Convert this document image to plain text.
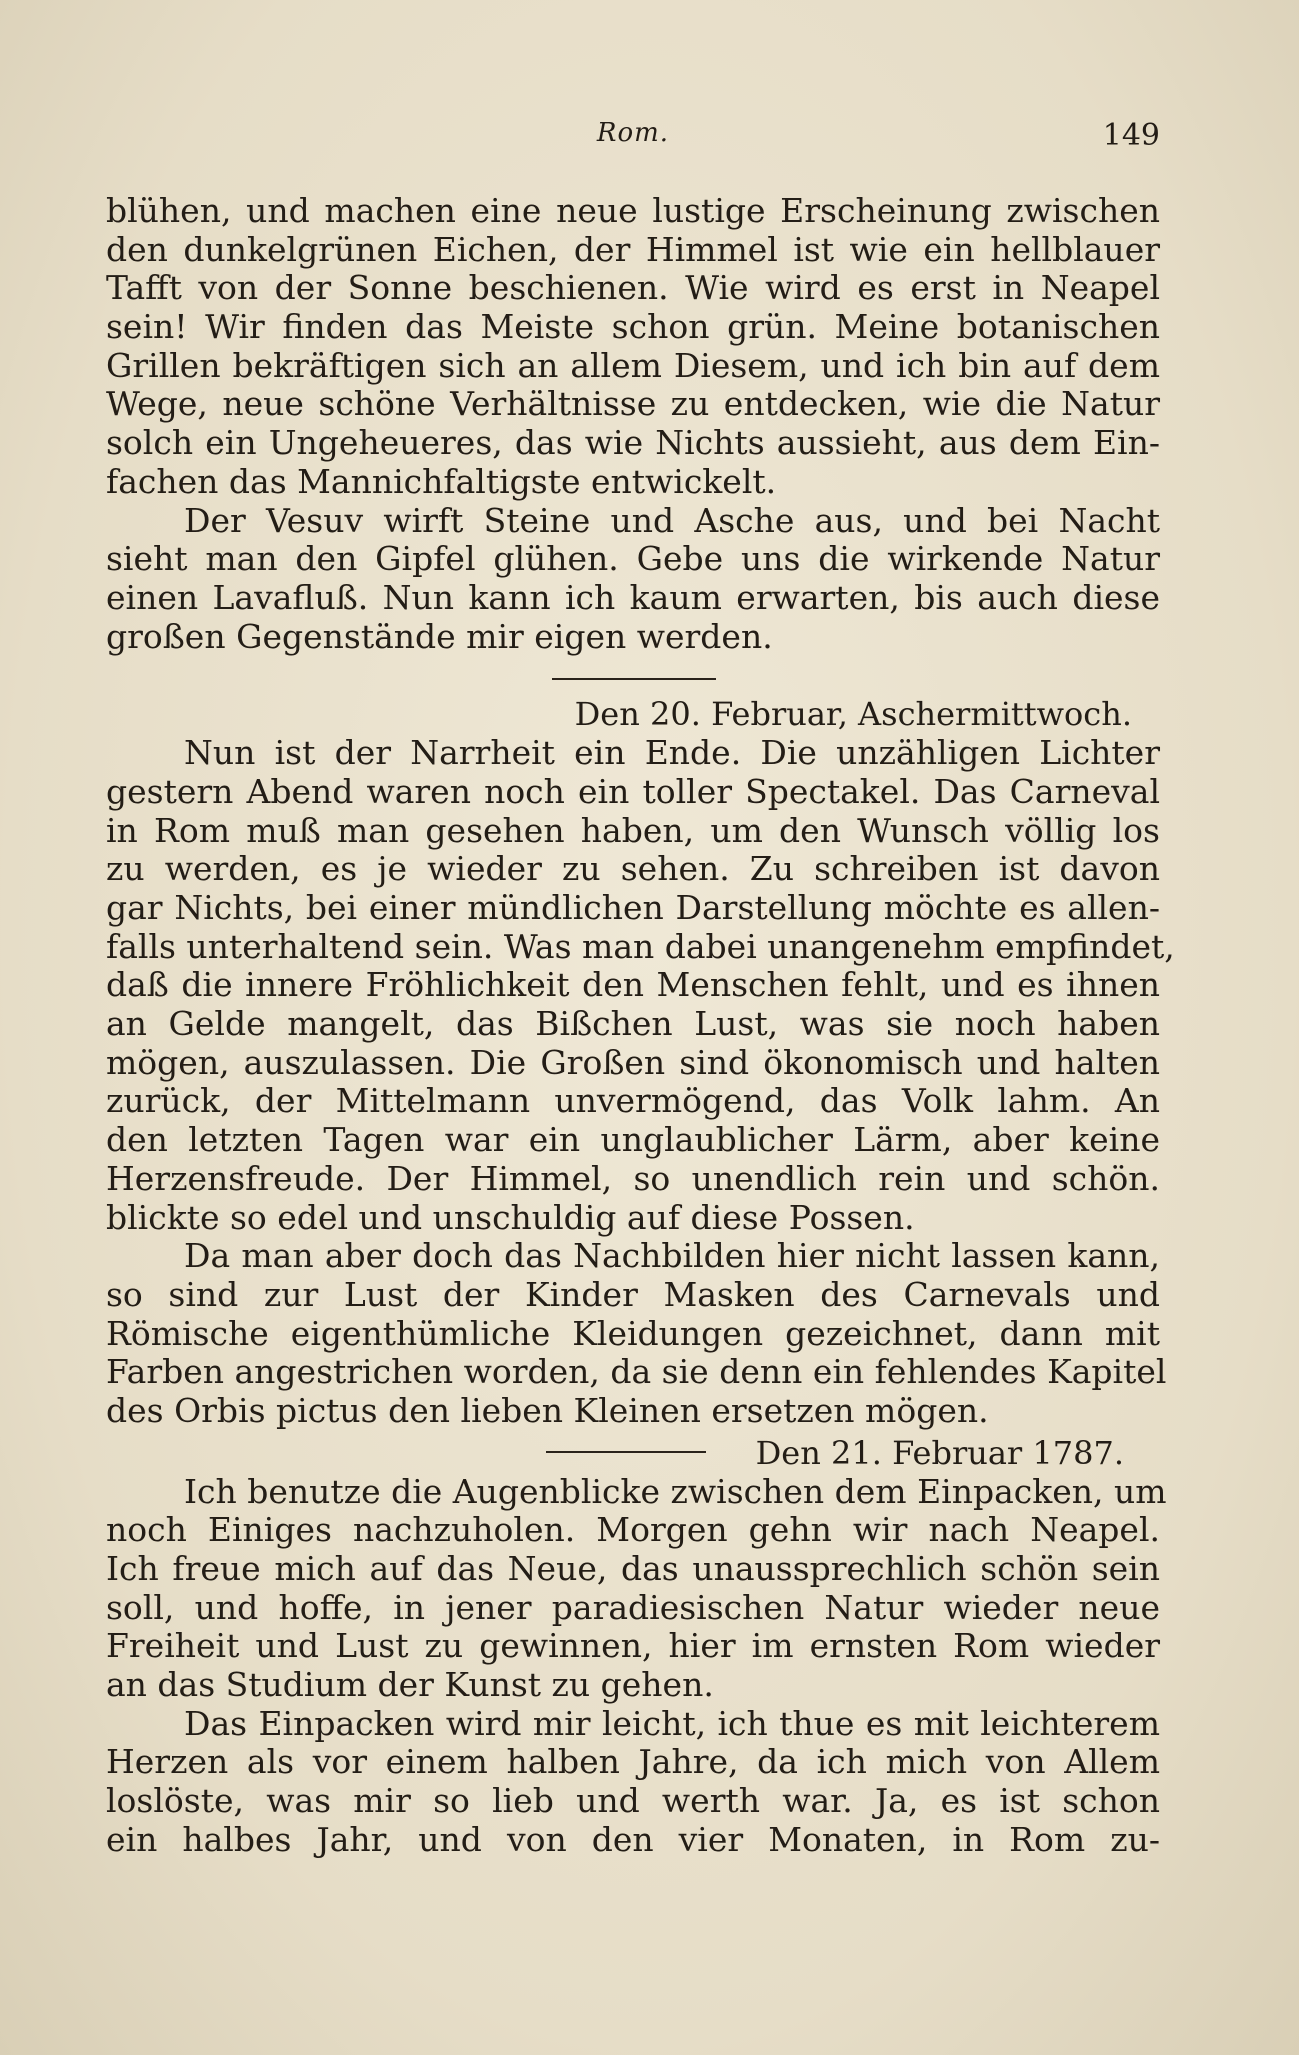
Rom.	149
blühen, und machen eine neue lustige Erscheinung zwischen
den dunkelgrünen Eichen, der Himmel ist wie ein hellblauer
Tafft von der Sonne beschienen. Wie wird es erst in Neapel
sein! Wir finden das Meiste schon grün. Meine botanischen
Grillen bekräftigen sich an allem Diesem, und ich bin auf dem
Wege, neue schöne Verhältnisse zu entdecken, wie die Natur
solch ein Ungeheueres, das wie Nichts aussieht, aus dem Ein-
fachen das Mannichfaltigste entwickelt.
Der Vesuv wirft Steine und Asche aus, und bei Nacht
sieht man den Gipfel glühen. Gebe uns die wirkende Natur
einen Lavafluß. Nun kann ich kaum erwarten, bis auch diese
großen Gegenstände mir eigen werden.
Den 20. Februar, Aschermittwoch.
Nun ist der Narrheit ein Ende. Die unzähligen Lichter
gestern Abend waren noch ein toller Spectakel. Das Carneval
in Rom muß man gesehen haben, um den Wunsch völlig los
zu werden, es je wieder zu sehen. Zu schreiben ist davon
gar Nichts, bei einer mündlichen Darstellung möchte es allen-
falls unterhaltend sein. Was man dabei unangenehm empfindet,
daß die innere Fröhlichkeit den Menschen fehlt, und es ihnen
an Gelde mangelt, das Bißchen Lust, was sie noch haben
mögen, auszulassen. Die Großen sind ökonomisch und halten
zurück, der Mittelmann unvermögend, das Volk lahm. An
den letzten Tagen war ein unglaublicher Lärm, aber keine
Herzensfreude. Der Himmel, so unendlich rein und schön.
blickte so edel und unschuldig auf diese Possen.
Da man aber doch das Nachbilden hier nicht lassen kann,
so sind zur Lust der Kinder Masken des Carnevals und
Römische eigenthümliche Kleidungen gezeichnet, dann mit
Farben angestrichen worden, da sie denn ein fehlendes Kapitel
des Orbis pictus den lieben Kleinen ersetzen mögen.
Den 21. Februar 1787.
Ich benutze die Augenblicke zwischen dem Einpacken, um
noch Einiges nachzuholen. Morgen gehn wir nach Neapel.
Ich freue mich auf das Neue, das unaussprechlich schön sein
soll, und hoffe, in jener paradiesischen Natur wieder neue
Freiheit und Lust zu gewinnen, hier im ernsten Rom wieder
an das Studium der Kunst zu gehen.
Das Einpacken wird mir leicht, ich thue es mit leichterem
Herzen als vor einem halben Jahre, da ich mich von Allem
loslöste, was mir so lieb und werth war. Ja, es ist schon
ein halbes Jahr, und von den vier Monaten, in Rom zu-
